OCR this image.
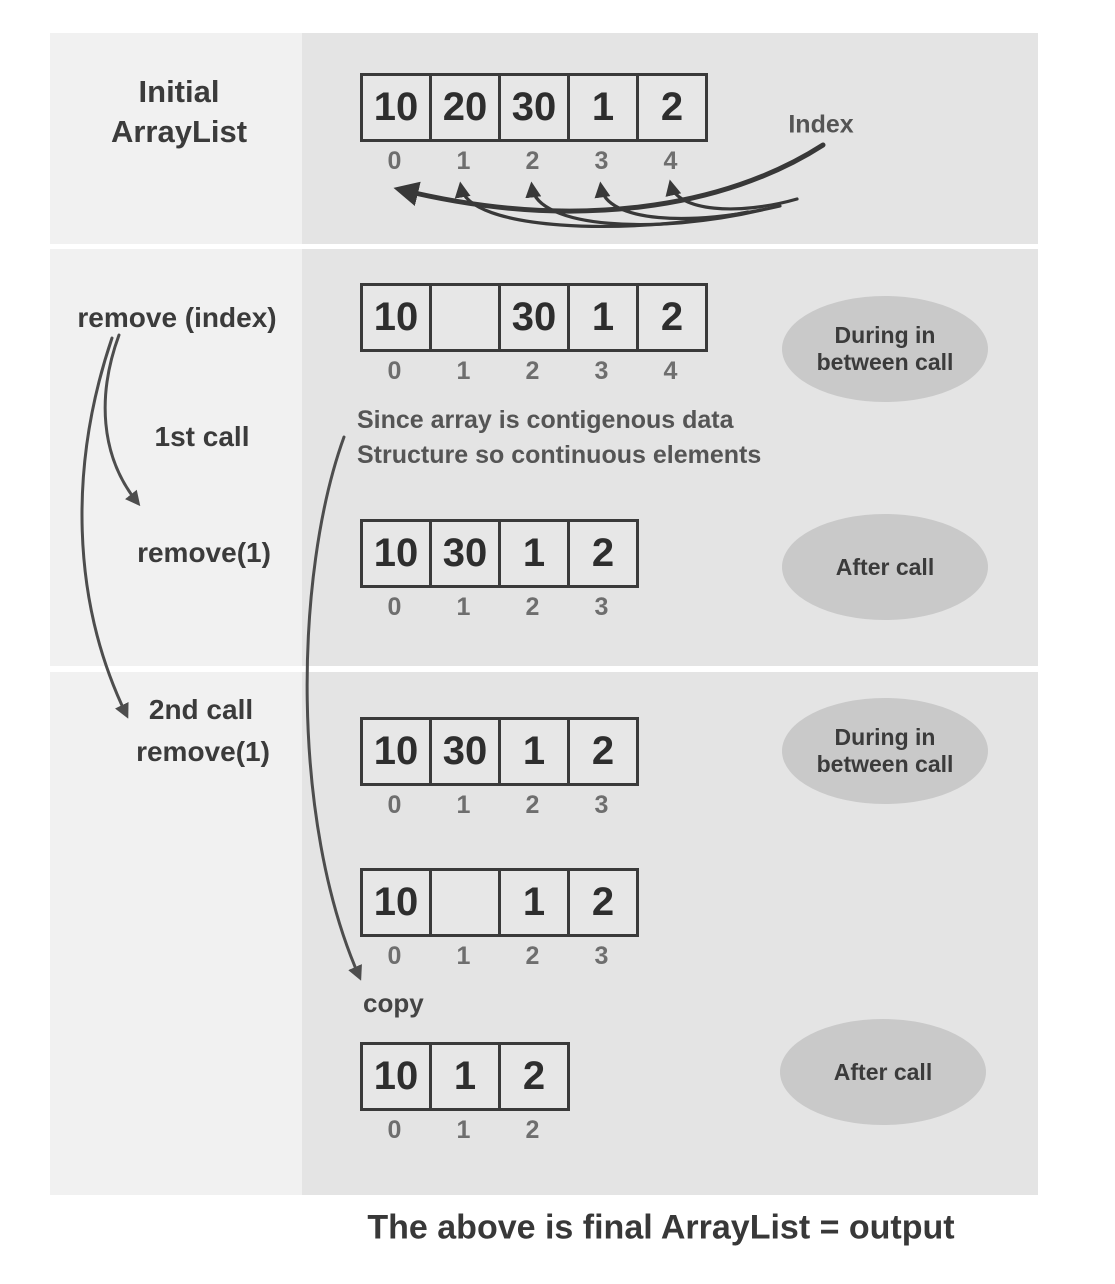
Initial
ArrayList
remove (index)
1st call
remove(1)
2nd call
remove(1)
Index
Since array is contigenous data
Structure so continuous elements
copy
The above is final ArrayList = output
10 20 30 1	2
0	1	2	3	4
10	30 1	2
0	1	2	3	4
10 30 1	2
0	1	2	3
10 30 1	2
0	1	2	3
10	1	2
0	1	2	3
10 1	2
0	1	2
During in
between call
After call
During in
between call
After call
